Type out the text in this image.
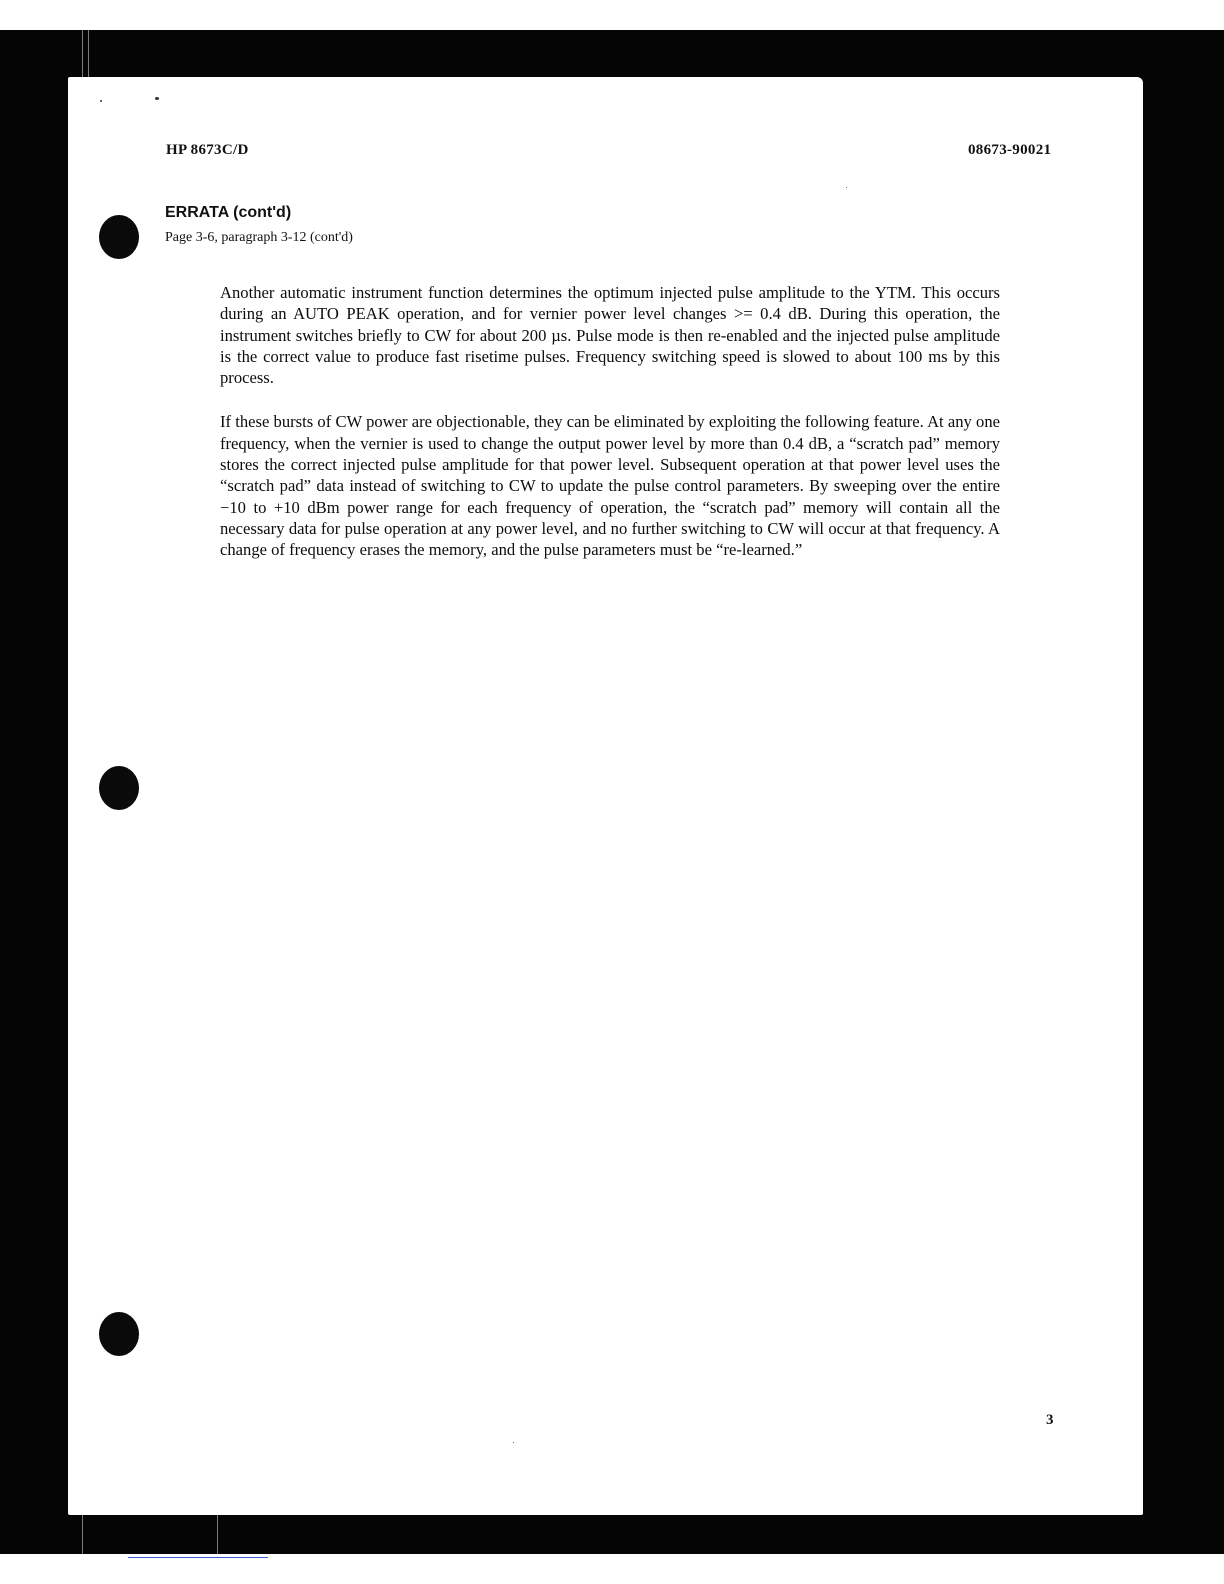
HP 8673C/D	08673-90021
ERRATA (cont'd)
Page 3-6, paragraph 3-12 (cont'd)

Another automatic instrument function determines the optimum injected pulse amplitude to the YTM. This occurs during an AUTO PEAK operation, and for vernier power level changes >= 0.4 dB. During this operation, the instrument switches briefly to CW for about 200 µs. Pulse mode is then re-enabled and the injected pulse amplitude is the correct value to produce fast risetime pulses. Frequency switching speed is slowed to about 100 ms by this process.

If these bursts of CW power are objectionable, they can be eliminated by exploiting the following feature. At any one frequency, when the vernier is used to change the output power level by more than 0.4 dB, a “scratch pad” memory stores the correct injected pulse amplitude for that power level. Subsequent operation at that power level uses the “scratch pad” data instead of switching to CW to update the pulse control parameters. By sweeping over the entire −10 to +10 dBm power range for each frequency of operation, the “scratch pad” memory will contain all the necessary data for pulse operation at any power level, and no further switching to CW will occur at that frequency. A change of frequency erases the memory, and the pulse parameters must be “re-learned.”

3
